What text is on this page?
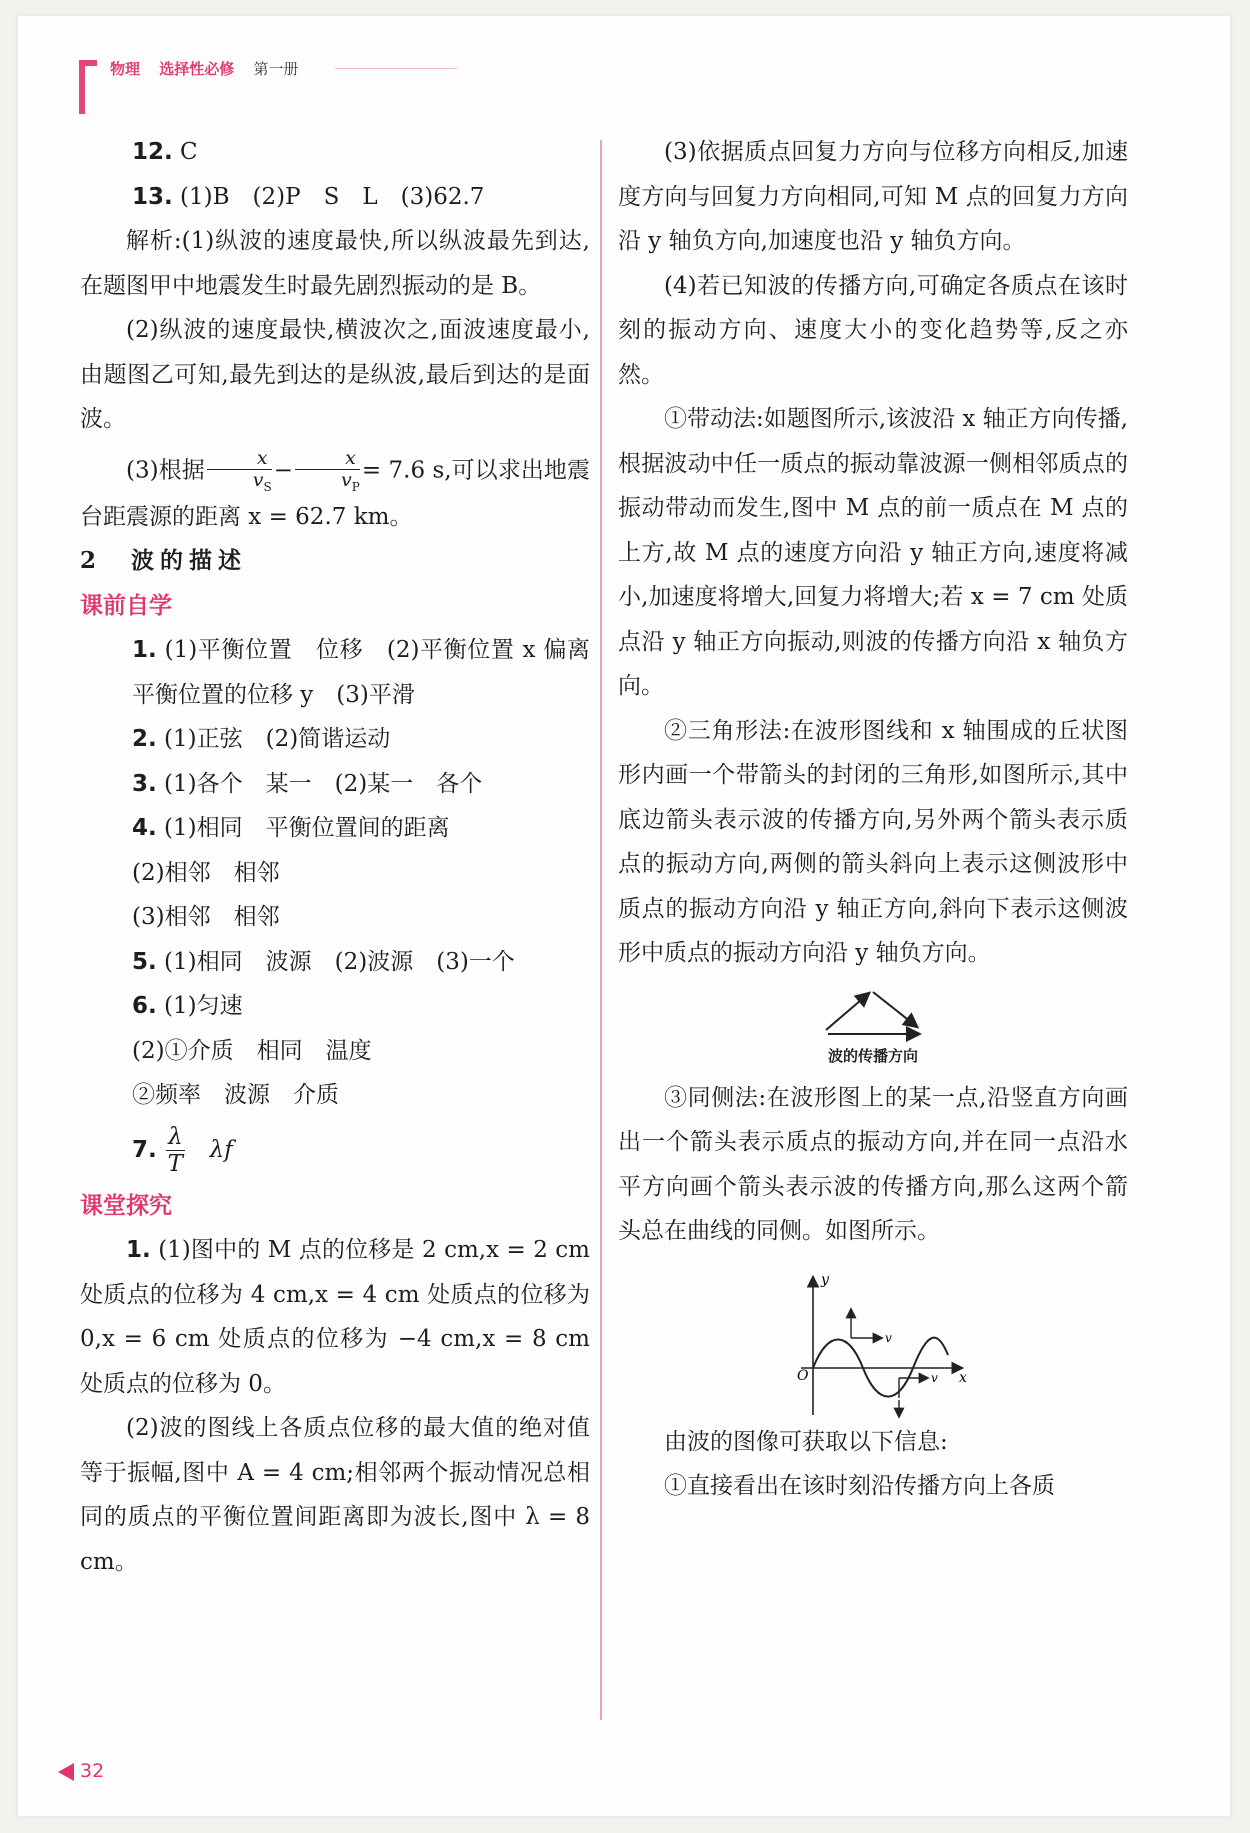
物理 选择性必修 第一册

12. C

13. (1)B　(2)P　S　L　(3)62.7

解析:(1)纵波的速度最快,所以纵波最先到达,在题图甲中地震发生时最先剧烈振动的是 B。

(2)纵波的速度最快,横波次之,面波速度最小,由题图乙可知,最先到达的是纵波,最后到达的是面波。

(3)根据 $\frac{x}{v_S} - \frac{x}{v_P} = 7.6$ s,可以求出地震台距震源的距离 x = 62.7 km。

2　波的描述

课前自学

1. (1)平衡位置　位移　(2)平衡位置 x 偏离平衡位置的位移 y　(3)平滑

2. (1)正弦　(2)简谐运动

3. (1)各个　某一　(2)某一　各个

4. (1)相同　平衡位置间的距离

(2)相邻　相邻

(3)相邻　相邻

5. (1)相同　波源　(2)波源　(3)一个

6. (1)匀速

(2)①介质　相同　温度

②频率　波源　介质

7. $\frac{\lambda}{T}$
　 λf

课堂探究

1. (1)图中的 M 点的位移是 2 cm,x = 2 cm 处质点的位移为 4 cm,x = 4 cm 处质点的位移为 0,x = 6 cm 处质点的位移为 −4 cm,x = 8 cm 处质点的位移为 0。

(2)波的图线上各质点位移的最大值的绝对值等于振幅,图中 A = 4 cm;相邻两个振动情况总相同的质点的平衡位置间距离即为波长,图中 λ = 8 cm。

(3)依据质点回复力方向与位移方向相反,加速度方向与回复力方向相同,可知 M 点的回复力方向沿 y 轴负方向,加速度也沿 y 轴负方向。

(4)若已知波的传播方向,可确定各质点在该时刻的振动方向、速度大小的变化趋势等,反之亦然。

①带动法:如题图所示,该波沿 x 轴正方向传播,根据波动中任一质点的振动靠波源一侧相邻质点的振动带动而发生,图中 M 点的前一质点在 M 点的上方,故 M 点的速度方向沿 y 轴正方向,速度将减小,加速度将增大,回复力将增大;若 x = 7 cm 处质点沿 y 轴正方向振动,则波的传播方向沿 x 轴负方向。

②三角形法:在波形图线和 x 轴围成的丘状图形内画一个带箭头的封闭的三角形,如图所示,其中底边箭头表示波的传播方向,另外两个箭头表示质点的振动方向,两侧的箭头斜向上表示这侧波形中质点的振动方向沿 y 轴正方向,斜向下表示这侧波形中质点的振动方向沿 y 轴负方向。

波的传播方向

③同侧法:在波形图上的某一点,沿竖直方向画出一个箭头表示质点的振动方向,并在同一点沿水平方向画个箭头表示波的传播方向,那么这两个箭头总在曲线的同侧。如图所示。

y
x
O
v
v

由波的图像可获取以下信息:

①直接看出在该时刻沿传播方向上各质

32
